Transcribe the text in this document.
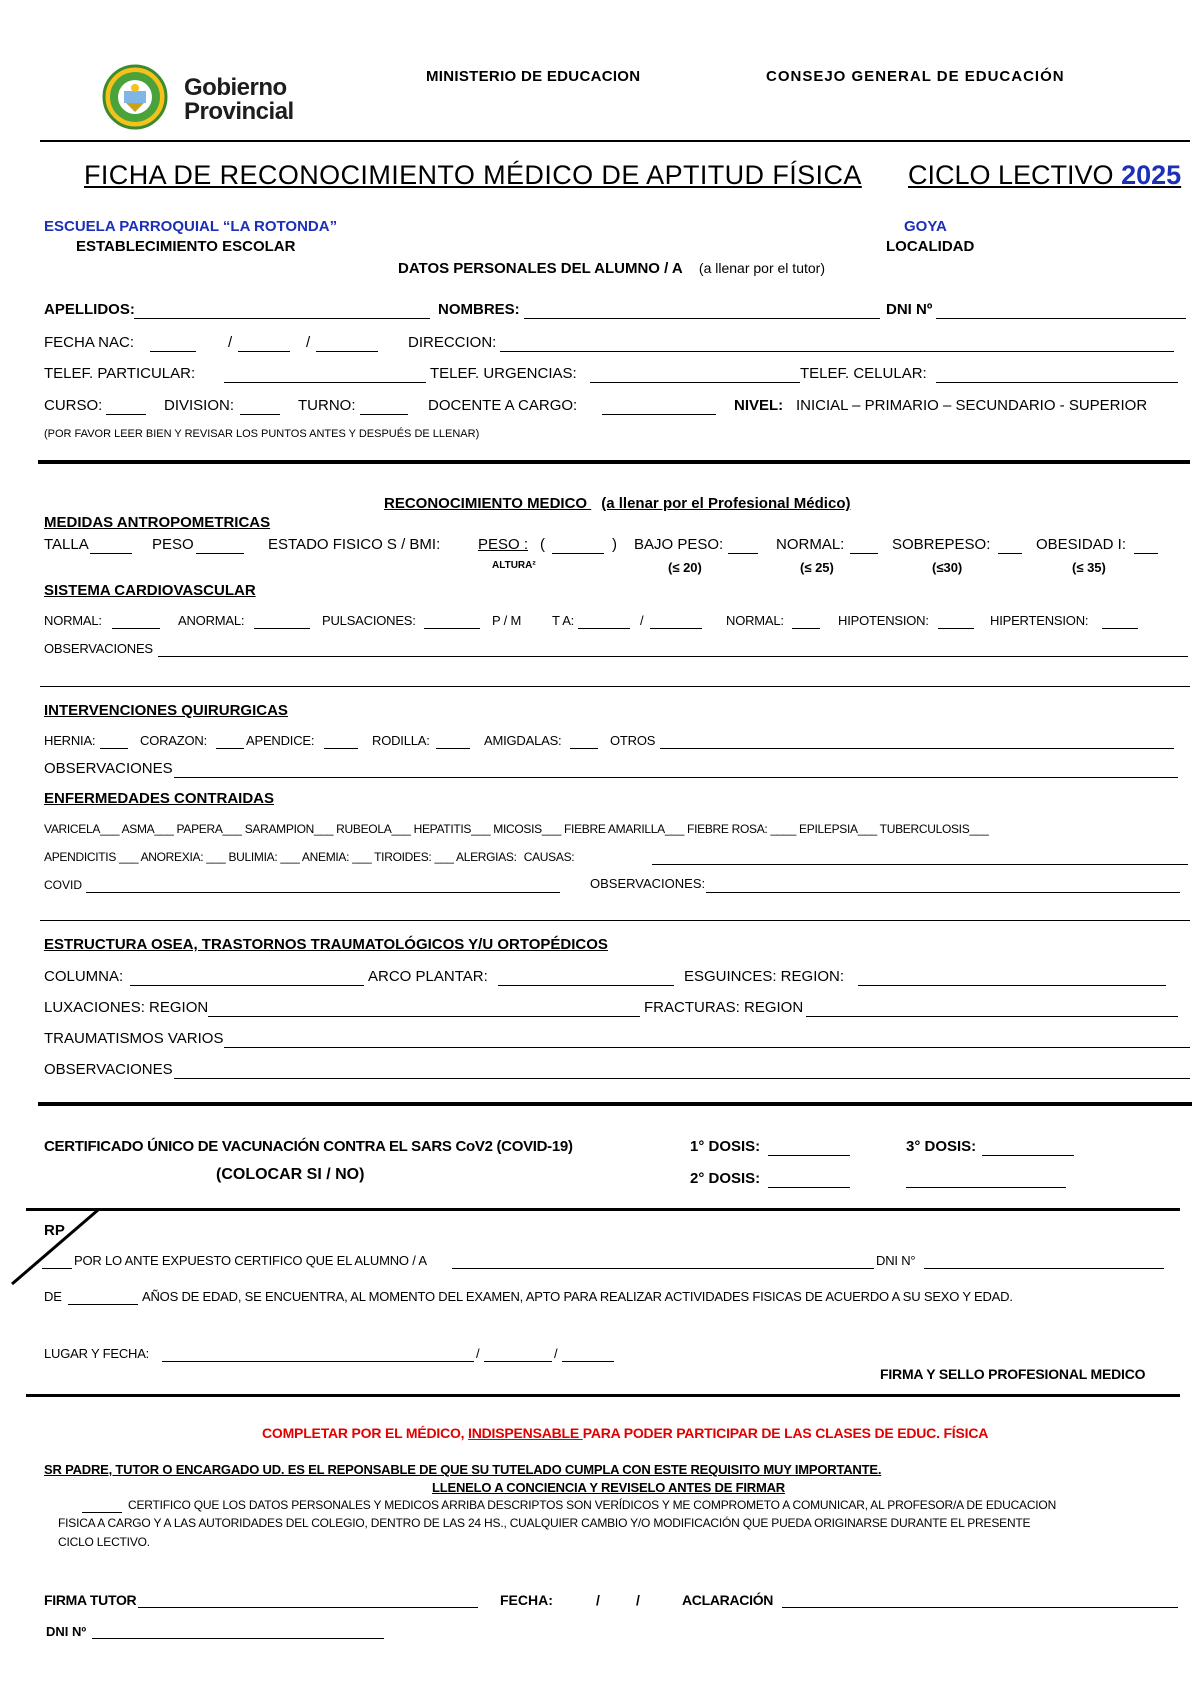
Gobierno
Provincial
MINISTERIO DE EDUCACION	CONSEJO GENERAL DE EDUCACIÓN
FICHA DE RECONOCIMIENTO MÉDICO DE APTITUD FÍSICA CICLO LECTIVO 2025
ESCUELA PARROQUIAL “LA ROTONDA”
ESTABLECIMIENTO ESCOLAR
GOYA
LOCALIDAD
DATOS PERSONALES DEL ALUMNO / A (a llenar por el tutor)
APELLIDOS:	NOMBRES:	DNI Nº
FECHA NAC:	/	/	DIRECCION:
TELEF. PARTICULAR:	TELEF. URGENCIAS:	TELEF. CELULAR:
CURSO:	DIVISION:	TURNO:	DOCENTE A CARGO:	NIVEL: INICIAL – PRIMARIO – SECUNDARIO - SUPERIOR
(POR FAVOR LEER BIEN Y REVISAR LOS PUNTOS ANTES Y DESPUÉS DE LLENAR)
RECONOCIMIENTO MEDICO (a llenar por el Profesional Médico)
MEDIDAS ANTROPOMETRICAS
TALLA	PESO	ESTADO FISICO S / BMI:	PESO : (	)
ALTURA²
BAJO PESO:	NORMAL:	SOBREPESO:	OBESIDAD I:
(≤ 20)	(≤ 25)	(≤30)	(≤ 35)
SISTEMA CARDIOVASCULAR
NORMAL:	ANORMAL:	PULSACIONES:	P / M T A:	/	NORMAL:	HIPOTENSION:	HIPERTENSION:
OBSERVACIONES
INTERVENCIONES QUIRURGICAS
HERNIA:	CORAZON:	APENDICE:	RODILLA:	AMIGDALAS:	OTROS
OBSERVACIONES
ENFERMEDADES CONTRAIDAS
VARICELA___ ASMA___ PAPERA___ SARAMPION___ RUBEOLA___ HEPATITIS___ MICOSIS___ FIEBRE AMARILLA___ FIEBRE ROSA: ____ EPILEPSIA___ TUBERCULOSIS___
APENDICITIS ___ ANOREXIA: ___ BULIMIA: ___ ANEMIA: ___ TIROIDES: ___ ALERGIAS: CAUSAS:
COVID	OBSERVACIONES:
ESTRUCTURA OSEA, TRASTORNOS TRAUMATOLÓGICOS Y/U ORTOPÉDICOS
COLUMNA:	ARCO PLANTAR:	ESGUINCES: REGION:
LUXACIONES: REGION	FRACTURAS: REGION
TRAUMATISMOS VARIOS
OBSERVACIONES
CERTIFICADO ÚNICO DE VACUNACIÓN CONTRA EL SARS CoV2 (COVID-19)
(COLOCAR SI / NO)
1° DOSIS:
2° DOSIS:
3° DOSIS:
RP
POR LO ANTE EXPUESTO CERTIFICO QUE EL ALUMNO / A	DNI N°
DE	AÑOS DE EDAD, SE ENCUENTRA, AL MOMENTO DEL EXAMEN, APTO PARA REALIZAR ACTIVIDADES FISICAS DE ACUERDO A SU SEXO Y EDAD.
LUGAR Y FECHA:	/	/
FIRMA Y SELLO PROFESIONAL MEDICO
COMPLETAR POR EL MÉDICO, INDISPENSABLE PARA PODER PARTICIPAR DE LAS CLASES DE EDUC. FÍSICA
SR PADRE, TUTOR O ENCARGADO UD. ES EL REPONSABLE DE QUE SU TUTELADO CUMPLA CON ESTE REQUISITO MUY IMPORTANTE.
LLENELO A CONCIENCIA Y REVISELO ANTES DE FIRMAR
CERTIFICO QUE LOS DATOS PERSONALES Y MEDICOS ARRIBA DESCRIPTOS SON VERÍDICOS Y ME COMPROMETO A COMUNICAR, AL PROFESOR/A DE EDUCACION
FISICA A CARGO Y A LAS AUTORIDADES DEL COLEGIO, DENTRO DE LAS 24 HS., CUALQUIER CAMBIO Y/O MODIFICACIÓN QUE PUEDA ORIGINARSE DURANTE EL PRESENTE
CICLO LECTIVO.
FIRMA TUTOR	FECHA:	/	/	ACLARACIÓN
DNI Nº
